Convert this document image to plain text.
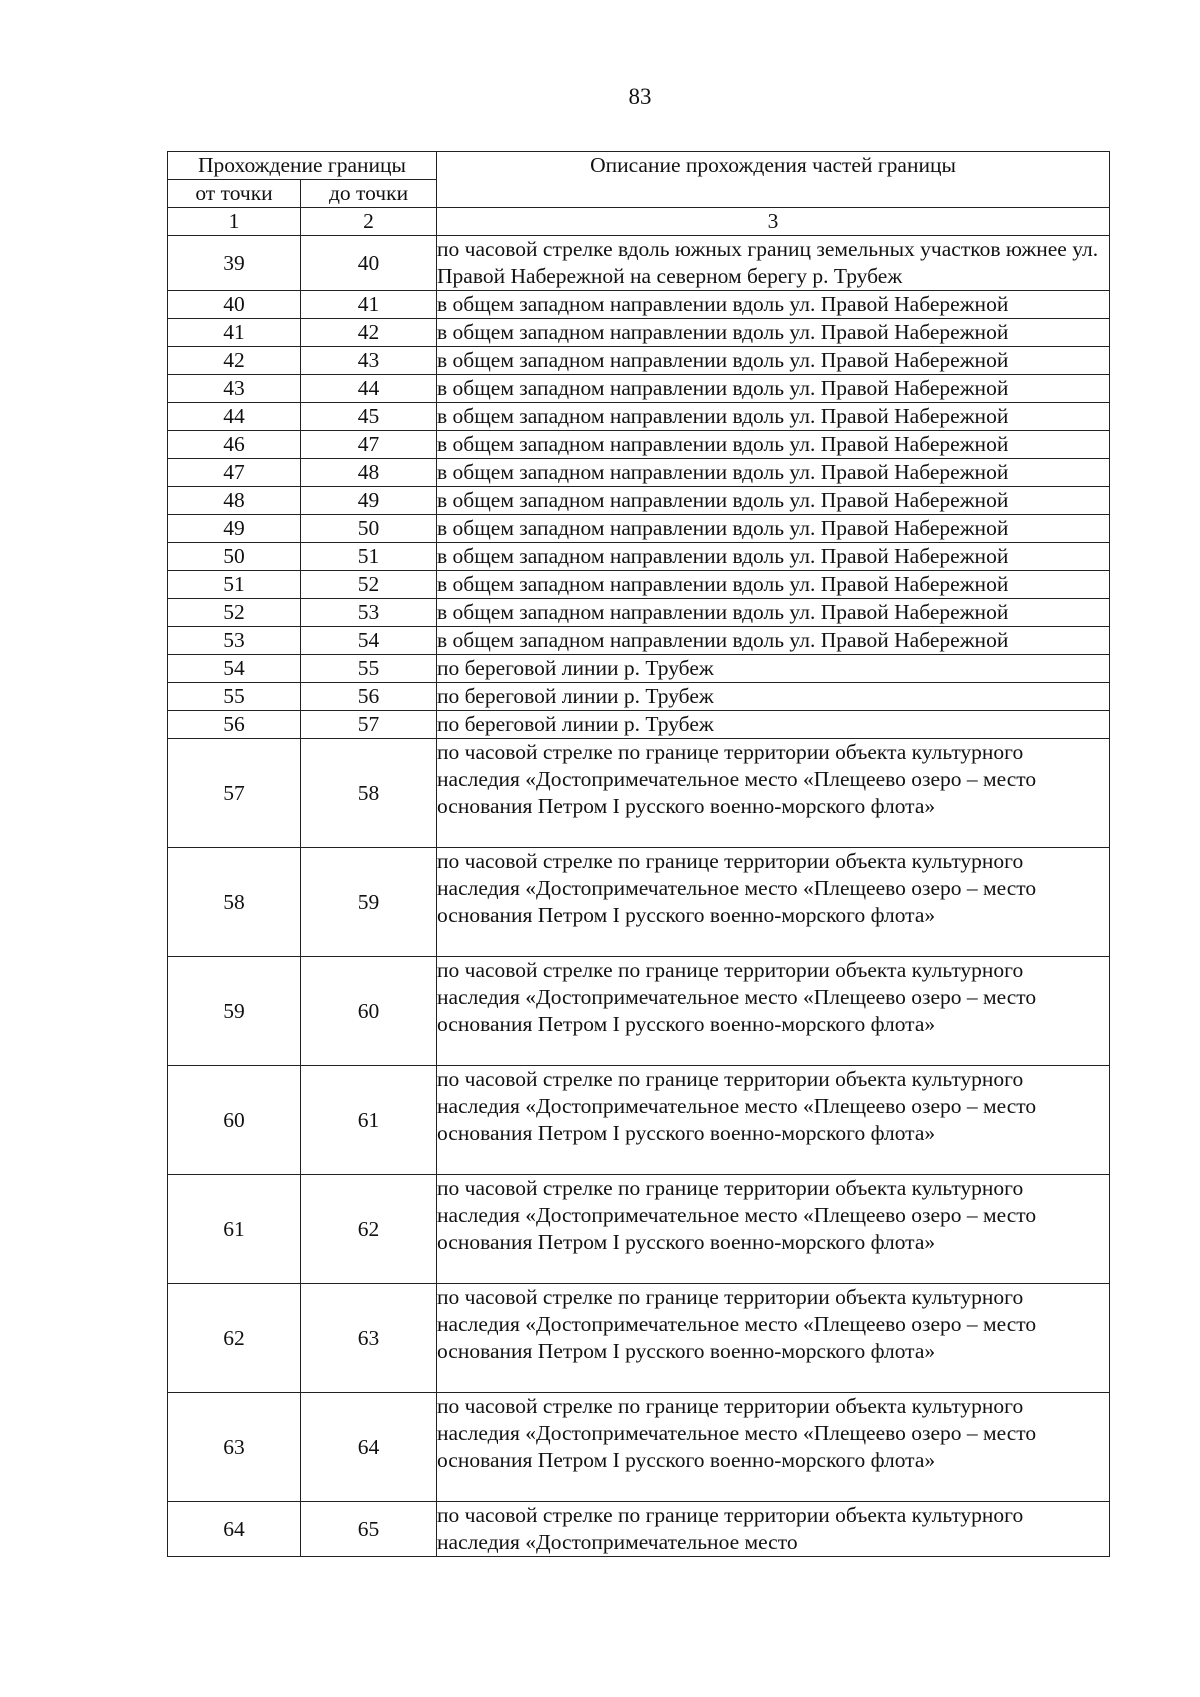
83
Прохождение границы		Описание прохождения частей границы
от точки	до точки	
1	2	3
39	40	по часовой стрелке вдоль южных границ земельных участков южнее ул. Правой Набережной на северном берегу р. Трубеж
40	41	в общем западном направлении вдоль ул. Правой Набережной
41	42	в общем западном направлении вдоль ул. Правой Набережной
42	43	в общем западном направлении вдоль ул. Правой Набережной
43	44	в общем западном направлении вдоль ул. Правой Набережной
44	45	в общем западном направлении вдоль ул. Правой Набережной
46	47	в общем западном направлении вдоль ул. Правой Набережной
47	48	в общем западном направлении вдоль ул. Правой Набережной
48	49	в общем западном направлении вдоль ул. Правой Набережной
49	50	в общем западном направлении вдоль ул. Правой Набережной
50	51	в общем западном направлении вдоль ул. Правой Набережной
51	52	в общем западном направлении вдоль ул. Правой Набережной
52	53	в общем западном направлении вдоль ул. Правой Набережной
53	54	в общем западном направлении вдоль ул. Правой Набережной
54	55	по береговой линии р. Трубеж
55	56	по береговой линии р. Трубеж
56	57	по береговой линии р. Трубеж
57	58	по часовой стрелке по границе территории объекта культурного наследия «Достопримечательное место «Плещеево озеро – место основания Петром I русского военно-морского флота»
58	59	по часовой стрелке по границе территории объекта культурного наследия «Достопримечательное место «Плещеево озеро – место основания Петром I русского военно-морского флота»
59	60	по часовой стрелке по границе территории объекта культурного наследия «Достопримечательное место «Плещеево озеро – место основания Петром I русского военно-морского флота»
60	61	по часовой стрелке по границе территории объекта культурного наследия «Достопримечательное место «Плещеево озеро – место основания Петром I русского военно-морского флота»
61	62	по часовой стрелке по границе территории объекта культурного наследия «Достопримечательное место «Плещеево озеро – место основания Петром I русского военно-морского флота»
62	63	по часовой стрелке по границе территории объекта культурного наследия «Достопримечательное место «Плещеево озеро – место основания Петром I русского военно-морского флота»
63	64	по часовой стрелке по границе территории объекта культурного наследия «Достопримечательное место «Плещеево озеро – место основания Петром I русского военно-морского флота»
64	65	по часовой стрелке по границе территории объекта культурного наследия «Достопримечательное место
